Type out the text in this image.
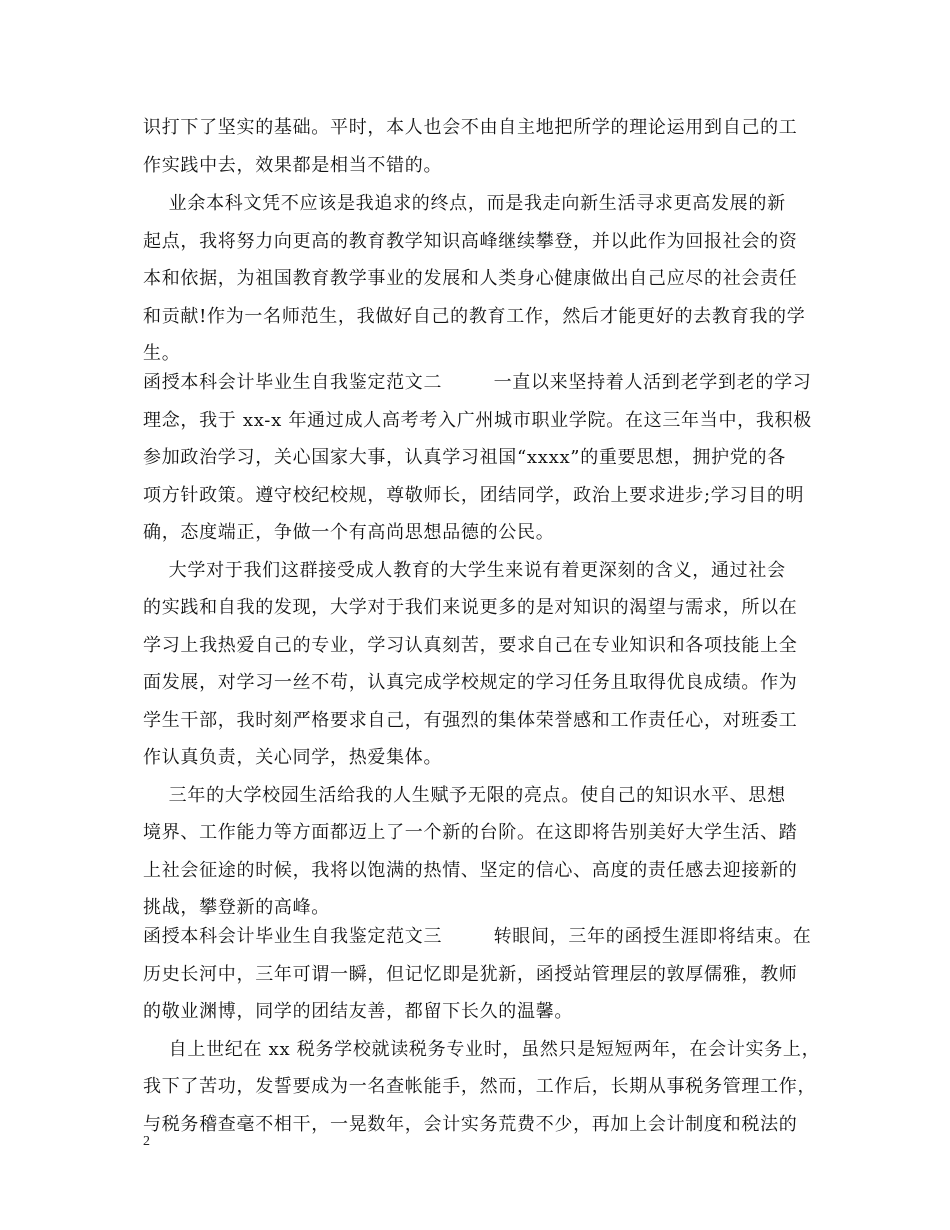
识打下了坚实的基础。平时，本人也会不由自主地把所学的理论运用到自己的工
作实践中去，效果都是相当不错的。
业余本科文凭不应该是我追求的终点，而是我走向新生活寻求更高发展的新
起点，我将努力向更高的教育教学知识高峰继续攀登，并以此作为回报社会的资
本和依据，为祖国教育教学事业的发展和人类身心健康做出自己应尽的社会责任
和贡献!作为一名师范生，我做好自己的教育工作，然后才能更好的去教育我的学
生。
函授本科会计毕业生自我鉴定范文二        一直以来坚持着人活到老学到老的学习
理念，我于 xx-x 年通过成人高考考入广州城市职业学院。在这三年当中，我积极
参加政治学习，关心国家大事，认真学习祖国“xxxx”的重要思想，拥护党的各
项方针政策。遵守校纪校规，尊敬师长，团结同学，政治上要求进步;学习目的明
确，态度端正，争做一个有高尚思想品德的公民。
大学对于我们这群接受成人教育的大学生来说有着更深刻的含义，通过社会
的实践和自我的发现，大学对于我们来说更多的是对知识的渴望与需求，所以在
学习上我热爱自己的专业，学习认真刻苦，要求自己在专业知识和各项技能上全
面发展，对学习一丝不苟，认真完成学校规定的学习任务且取得优良成绩。作为
学生干部，我时刻严格要求自己，有强烈的集体荣誉感和工作责任心，对班委工
作认真负责，关心同学，热爱集体。
三年的大学校园生活给我的人生赋予无限的亮点。使自己的知识水平、思想
境界、工作能力等方面都迈上了一个新的台阶。在这即将告别美好大学生活、踏
上社会征途的时候，我将以饱满的热情、坚定的信心、高度的责任感去迎接新的
挑战，攀登新的高峰。
函授本科会计毕业生自我鉴定范文三        转眼间，三年的函授生涯即将结束。在
历史长河中，三年可谓一瞬，但记忆即是犹新，函授站管理层的敦厚儒雅，教师
的敬业渊博，同学的团结友善，都留下长久的温馨。
自上世纪在 xx 税务学校就读税务专业时，虽然只是短短两年，在会计实务上，
我下了苦功，发誓要成为一名查帐能手，然而，工作后，长期从事税务管理工作，
与税务稽查毫不相干，一晃数年，会计实务荒费不少，再加上会计制度和税法的
2
